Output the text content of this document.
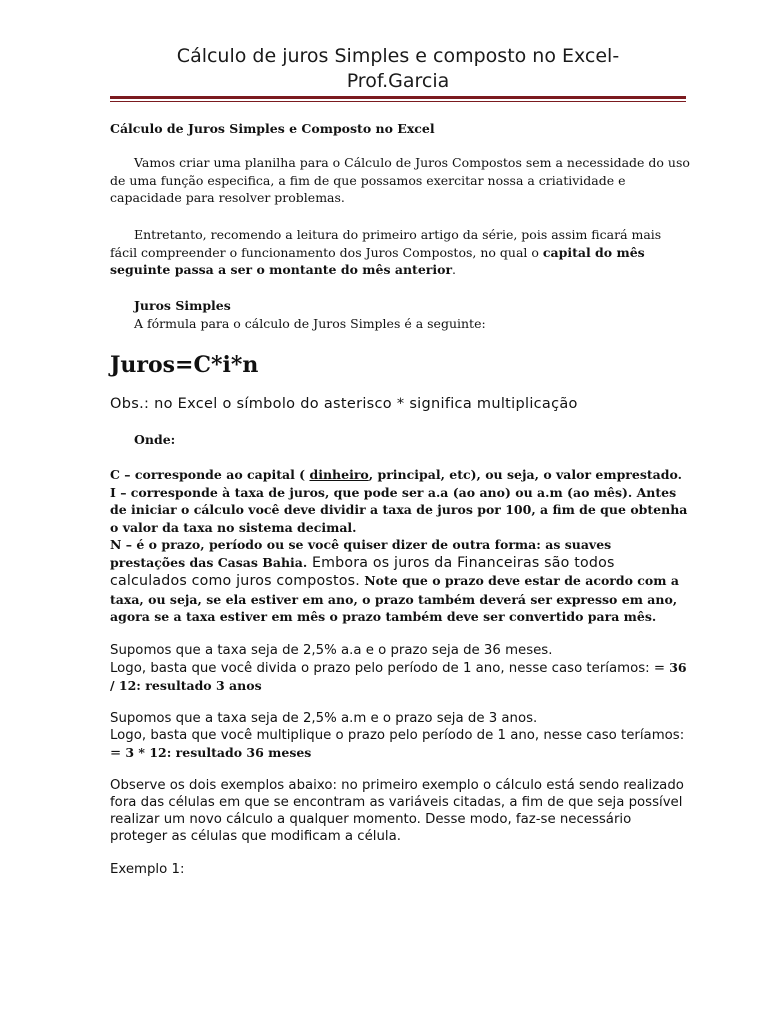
Cálculo de juros Simples e composto no Excel-
Prof.Garcia

Cálculo de Juros Simples e Composto no Excel

Vamos criar uma planilha para o Cálculo de Juros Compostos sem a necessidade do uso de uma função especifica, a fim de que possamos exercitar nossa a criatividade e capacidade para resolver problemas.

Entretanto, recomendo a leitura do primeiro artigo da série, pois assim ficará mais fácil compreender o funcionamento dos Juros Compostos, no qual o capital do mês seguinte passa a ser o montante do mês anterior.

Juros Simples

A fórmula para o cálculo de Juros Simples é a seguinte:

Juros=C*i*n

Obs.: no Excel o símbolo do asterisco * significa multiplicação

Onde:

C – corresponde ao capital ( dinheiro, principal, etc), ou seja, o valor emprestado.

I – corresponde à taxa de juros, que pode ser a.a (ao ano) ou a.m (ao mês). Antes de iniciar o cálculo você deve dividir a taxa de juros por 100, a fim de que obtenha o valor da taxa no sistema decimal.

N – é o prazo, período ou se você quiser dizer de outra forma: as suaves prestações das Casas Bahia. Embora os juros da Financeiras são todos calculados como juros compostos. Note que o prazo deve estar de acordo com a taxa, ou seja, se ela estiver em ano, o prazo também deverá ser expresso em ano, agora se a taxa estiver em mês o prazo também deve ser convertido para mês.

Supomos que a taxa seja de 2,5% a.a e o prazo seja de 36 meses.

Logo, basta que você divida o prazo pelo período de 1 ano, nesse caso teríamos: = 36 / 12: resultado 3 anos

Supomos que a taxa seja de 2,5% a.m e o prazo seja de 3 anos.

Logo, basta que você multiplique o prazo pelo período de 1 ano, nesse caso teríamos: = 3 * 12: resultado 36 meses

Observe os dois exemplos abaixo: no primeiro exemplo o cálculo está sendo realizado fora das células em que se encontram as variáveis citadas, a fim de que seja possível realizar um novo cálculo a qualquer momento. Desse modo, faz-se necessário proteger as células que modificam a célula.

Exemplo 1:
